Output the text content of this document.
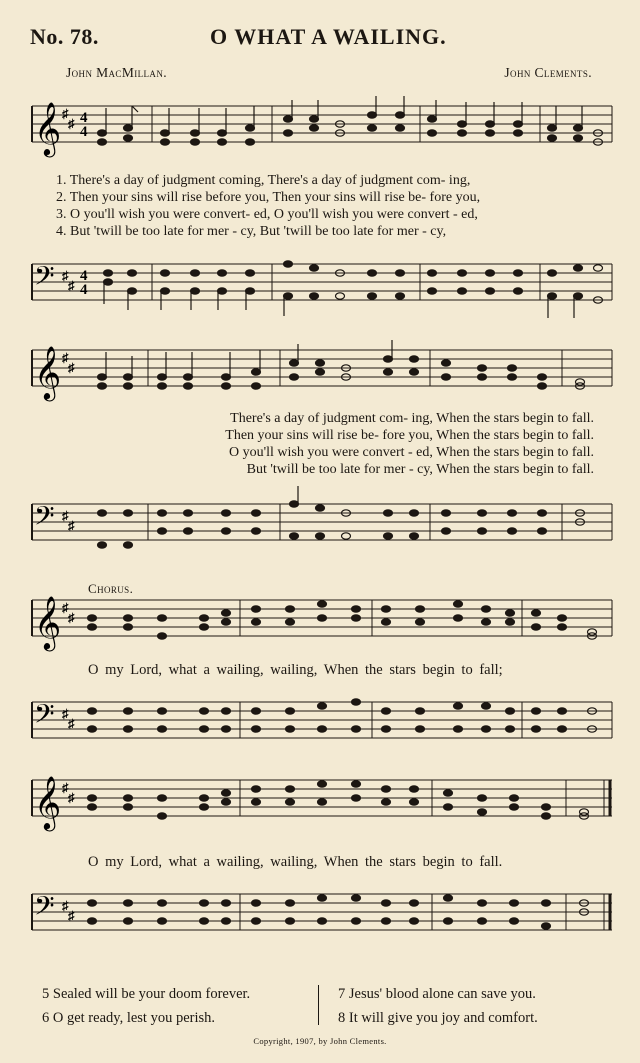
No. 78.	O WHAT A WAILING.
John MacMillan.	John Clements.
𝄞 ♯
♯ 4
4
1. There's a day of judgment coming, There's a day of judgment com- ing,
2. Then your sins will rise before you, Then your sins will rise be- fore you,
3. O you'll wish you were convert- ed, O you'll wish you were convert - ed,
4. But 'twill be too late for mer - cy, But 'twill be too late for mer - cy,
𝄢 ♯
♯
4
4
𝄞 ♯
♯
There's a day of judgment com- ing, When the stars begin to fall.
Then your sins will rise be- fore you, When the stars begin to fall.
O you'll wish you were convert - ed, When the stars begin to fall.
But 'twill be too late for mer - cy, When the stars begin to fall.
𝄢 ♯
♯
Chorus.
𝄞 ♯
♯
O my Lord, what a wailing, wailing, When the stars begin to fall;
𝄢 ♯
♯
𝄞 ♯
♯
O my Lord, what a wailing, wailing, When the stars begin to fall.
𝄢 ♯
♯
5 Sealed will be your doom forever.
6 O get ready, lest you perish.
7 Jesus' blood alone can save you.
8 It will give you joy and comfort.
Copyright, 1907, by John Clements.
